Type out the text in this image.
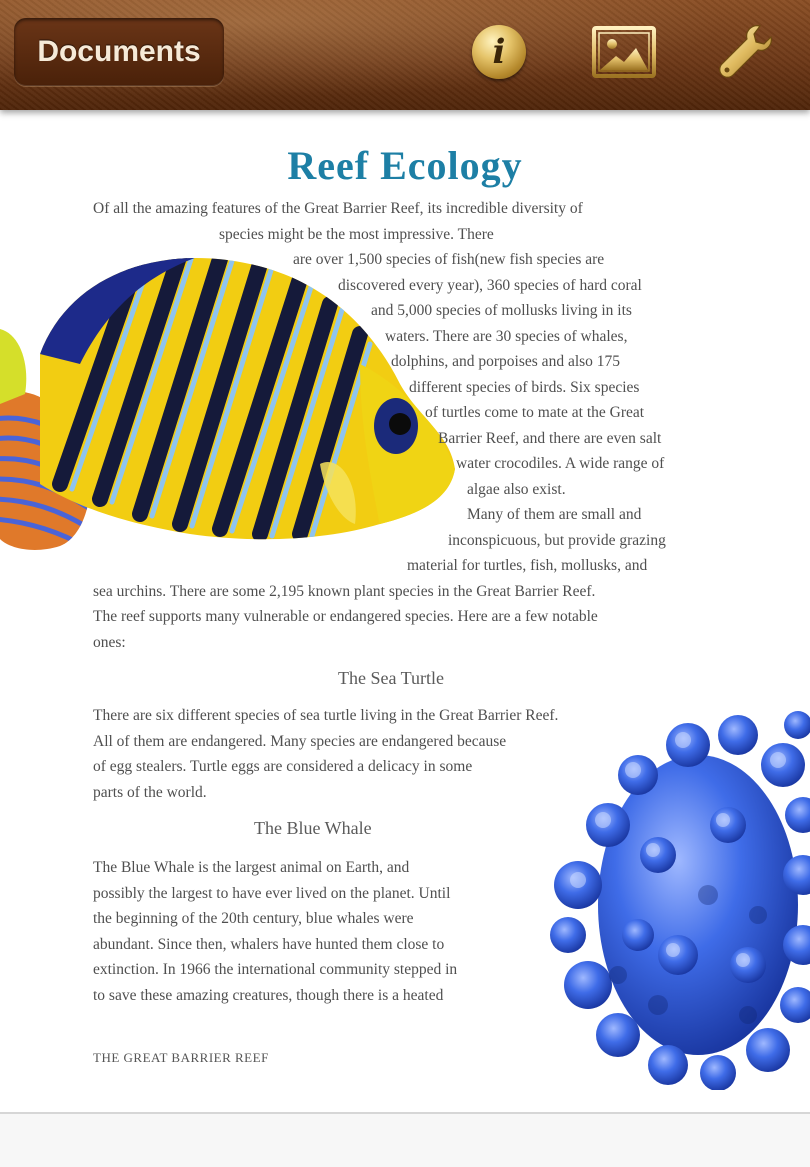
Documents	i
Reef Ecology
Of all the amazing features of the Great Barrier Reef, its incredible diversity of
species might be the most impressive. There
are over 1,500 species of fish(new fish species are
discovered every year), 360 species of hard coral
and 5,000 species of mollusks living in its
waters. There are 30 species of whales,
dolphins, and porpoises and also 175
different species of birds. Six species
of turtles come to mate at the Great
Barrier Reef, and there are even salt
water crocodiles. A wide range of
algae also exist.
Many of them are small and
inconspicuous, but provide grazing
material for turtles, fish, mollusks, and
sea urchins. There are some 2,195 known plant species in the Great Barrier Reef.
The reef supports many vulnerable or endangered species. Here are a few notable
ones:
The Sea Turtle
There are six different species of sea turtle living in the Great Barrier Reef.
All of them are endangered. Many species are endangered because
of egg stealers. Turtle eggs are considered a delicacy in some
parts of the world.
The Blue Whale
The Blue Whale is the largest animal on Earth, and
possibly the largest to have ever lived on the planet. Until
the beginning of the 20th century, blue whales were
abundant. Since then, whalers have hunted them close to
extinction. In 1966 the international community stepped in
to save these amazing creatures, though there is a heated
THE GREAT BARRIER REEF
